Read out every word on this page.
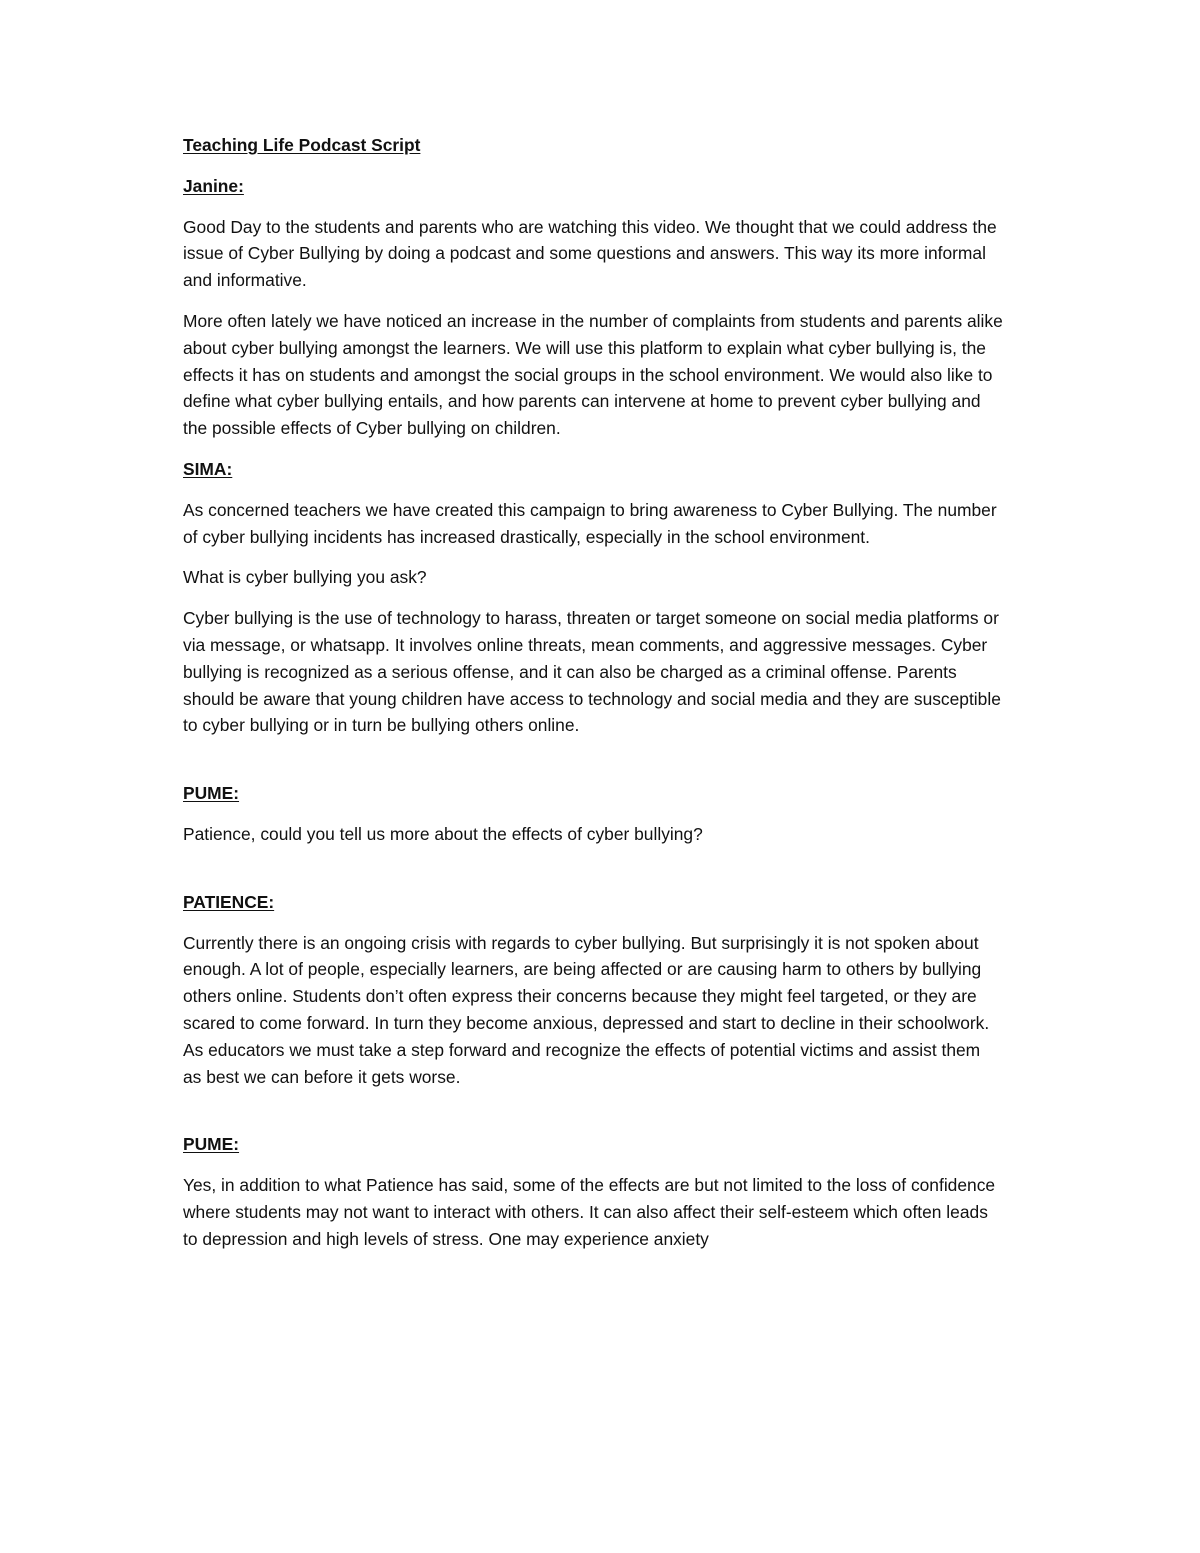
Teaching Life Podcast Script
Janine:

Good Day to the students and parents who are watching this video. We thought that we could address the issue of Cyber Bullying by doing a podcast and some questions and answers. This way its more informal and informative.

More often lately we have noticed an increase in the number of complaints from students and parents alike about cyber bullying amongst the learners. We will use this platform to explain what cyber bullying is, the effects it has on students and amongst the social groups in the school environment. We would also like to define what cyber bullying entails, and how parents can intervene at home to prevent cyber bullying and the possible effects of Cyber bullying on children.

SIMA:

As concerned teachers we have created this campaign to bring awareness to Cyber Bullying. The number of cyber bullying incidents has increased drastically, especially in the school environment.

What is cyber bullying you ask?

Cyber bullying is the use of technology to harass, threaten or target someone on social media platforms or via message, or whatsapp. It involves online threats, mean comments, and aggressive messages. Cyber bullying is recognized as a serious offense, and it can also be charged as a criminal offense. Parents should be aware that young children have access to technology and social media and they are susceptible to cyber bullying or in turn be bullying others online.

PUME:

Patience, could you tell us more about the effects of cyber bullying?

PATIENCE:

Currently there is an ongoing crisis with regards to cyber bullying. But surprisingly it is not spoken about enough. A lot of people, especially learners, are being affected or are causing harm to others by bullying others online. Students don’t often express their concerns because they might feel targeted, or they are scared to come forward. In turn they become anxious, depressed and start to decline in their schoolwork. As educators we must take a step forward and recognize the effects of potential victims and assist them as best we can before it gets worse.

PUME:

Yes, in addition to what Patience has said, some of the effects are but not limited to the loss of confidence where students may not want to interact with others. It can also affect their self-esteem which often leads to depression and high levels of stress. One may experience anxiety
